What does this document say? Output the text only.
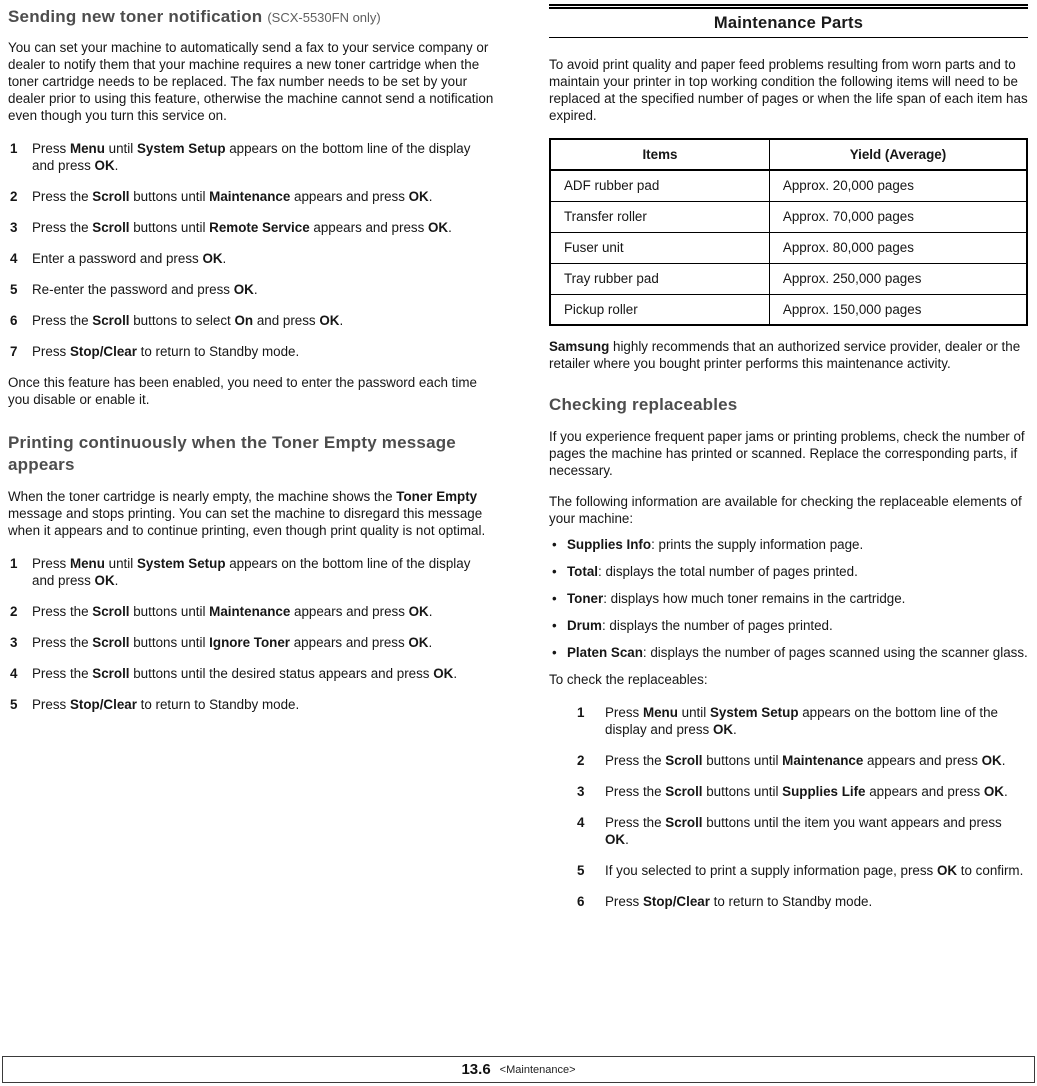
Sending new toner notification (SCX-5530FN only)

You can set your machine to automatically send a fax to your service company or dealer to notify them that your machine requires a new toner cartridge when the toner cartridge needs to be replaced. The fax number needs to be set by your dealer prior to using this feature, otherwise the machine cannot send a notification even though you turn this service on.

1	Press Menu until System Setup appears on the bottom line of the display and press OK.
2	Press the Scroll buttons until Maintenance appears and press OK.
3	Press the Scroll buttons until Remote Service appears and press OK.
4	Enter a password and press OK.
5	Re-enter the password and press OK.
6	Press the Scroll buttons to select On and press OK.
7	Press Stop/Clear to return to Standby mode.

Once this feature has been enabled, you need to enter the password each time you disable or enable it.

Printing continuously when the Toner Empty message appears

When the toner cartridge is nearly empty, the machine shows the Toner Empty message and stops printing. You can set the machine to disregard this message when it appears and to continue printing, even though print quality is not optimal.

1	Press Menu until System Setup appears on the bottom line of the display and press OK.
2	Press the Scroll buttons until Maintenance appears and press OK.
3	Press the Scroll buttons until Ignore Toner appears and press OK.
4	Press the Scroll buttons until the desired status appears and press OK.
5	Press Stop/Clear to return to Standby mode.
Maintenance Parts

To avoid print quality and paper feed problems resulting from worn parts and to maintain your printer in top working condition the following items will need to be replaced at the specified number of pages or when the life span of each item has expired.

Items	Yield (Average)
ADF rubber pad	Approx. 20,000 pages
Transfer roller	Approx. 70,000 pages
Fuser unit	Approx. 80,000 pages
Tray rubber pad	Approx. 250,000 pages
Pickup roller	Approx. 150,000 pages

Samsung highly recommends that an authorized service provider, dealer or the retailer where you bought printer performs this maintenance activity.

Checking replaceables

If you experience frequent paper jams or printing problems, check the number of pages the machine has printed or scanned. Replace the corresponding parts, if necessary.

The following information are available for checking the replaceable elements of your machine:

• Supplies Info: prints the supply information page.
• Total: displays the total number of pages printed.
• Toner: displays how much toner remains in the cartridge.
• Drum: displays the number of pages printed.
• Platen Scan: displays the number of pages scanned using the scanner glass.

To check the replaceables:

1	Press Menu until System Setup appears on the bottom line of the display and press OK.
2	Press the Scroll buttons until Maintenance appears and press OK.
3	Press the Scroll buttons until Supplies Life appears and press OK.
4	Press the Scroll buttons until the item you want appears and press OK.
5	If you selected to print a supply information page, press OK to confirm.
6	Press Stop/Clear to return to Standby mode.
13.6 <Maintenance>
